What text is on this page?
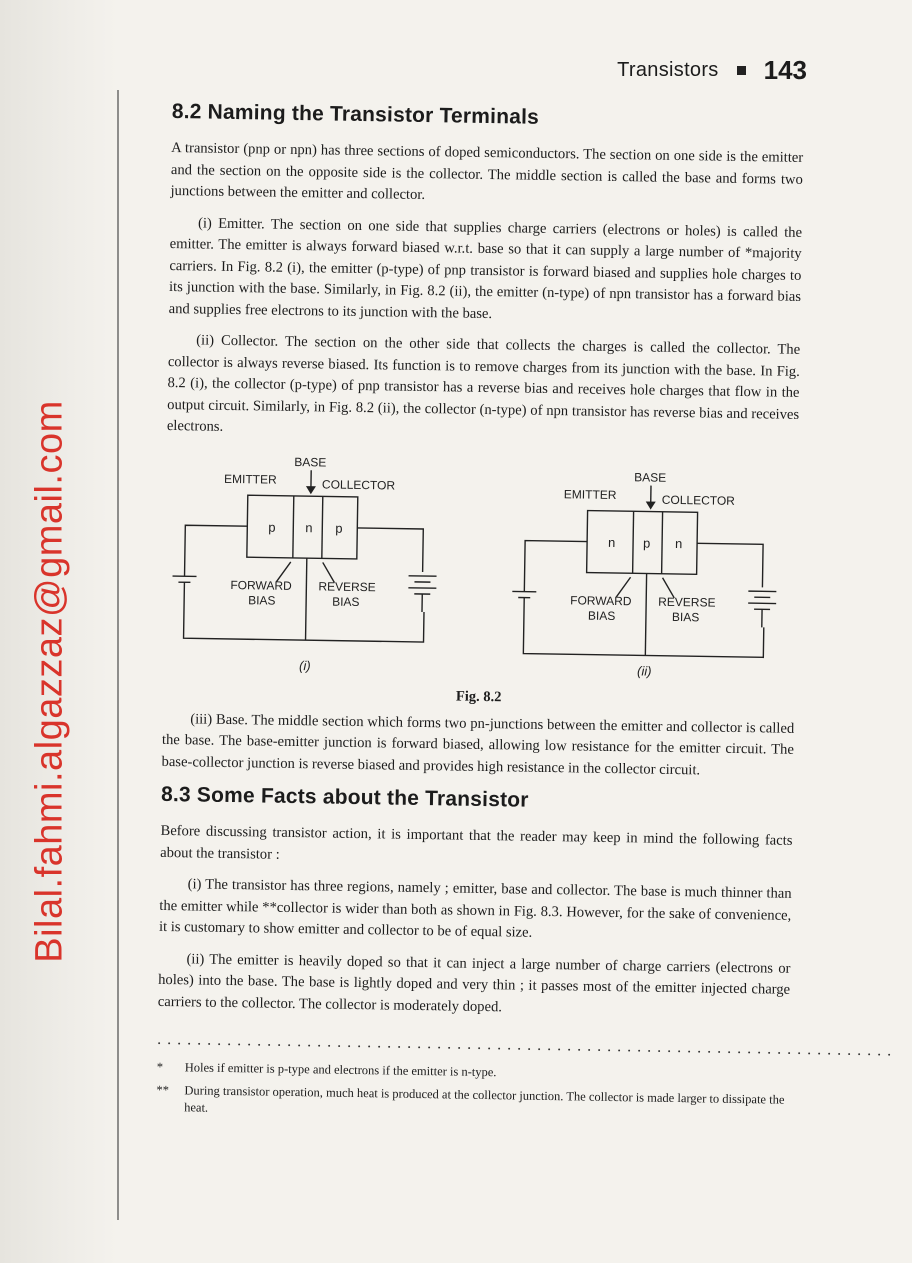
Bilal.fahmi.algazzaz@gmail.com
Transistors 143
8.2 Naming the Transistor Terminals

A transistor (pnp or npn) has three sections of doped semiconductors. The section on one side is the emitter and the section on the opposite side is the collector. The middle section is called the base and forms two junctions between the emitter and collector.

(i) Emitter. The section on one side that supplies charge carriers (electrons or holes) is called the emitter. The emitter is always forward biased w.r.t. base so that it can supply a large number of *majority carriers. In Fig. 8.2 (i), the emitter (p-type) of pnp transistor is forward biased and supplies hole charges to its junction with the base. Similarly, in Fig. 8.2 (ii), the emitter (n-type) of npn transistor has a forward bias and supplies free electrons to its junction with the base.

(ii) Collector. The section on the other side that collects the charges is called the collector. The collector is always reverse biased. Its function is to remove charges from its junction with the base. In Fig. 8.2 (i), the collector (p-type) of pnp transistor has a reverse bias and receives hole charges that flow in the output circuit. Similarly, in Fig. 8.2 (ii), the collector (n-type) of npn transistor has reverse bias and receives electrons.

BASE
EMITTER	COLLECTOR
p n p
FORWARD
BIAS
REVERSE
BIAS
(i)
BASE
EMITTER	COLLECTOR
n p n
FORWARD
BIAS
REVERSE
BIAS
(ii)
Fig. 8.2

(iii) Base. The middle section which forms two pn-junctions between the emitter and collector is called the base. The base-emitter junction is forward biased, allowing low resistance for the emitter circuit. The base-collector junction is reverse biased and provides high resistance in the collector circuit.

8.3 Some Facts about the Transistor

Before discussing transistor action, it is important that the reader may keep in mind the following facts about the transistor :

(i) The transistor has three regions, namely ; emitter, base and collector. The base is much thinner than the emitter while **collector is wider than both as shown in Fig. 8.3. However, for the sake of convenience, it is customary to show emitter and collector to be of equal size.

(ii) The emitter is heavily doped so that it can inject a large number of charge carriers (electrons or holes) into the base. The base is lightly doped and very thin ; it passes most of the emitter injected charge carriers to the collector. The collector is moderately doped.

..........................................................................
*	Holes if emitter is p-type and electrons if the emitter is n-type.
**	During transistor operation, much heat is produced at the collector junction. The collector is made larger to dissipate the heat.
